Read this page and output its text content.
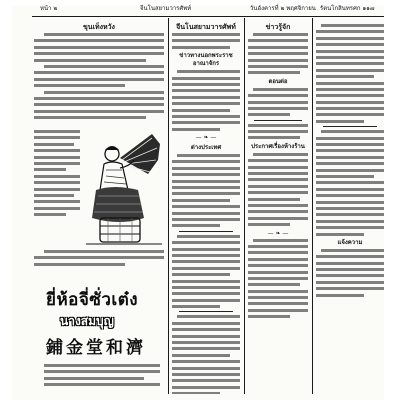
หน้า ๒	จีนโนสยามวารศัพท์	วันอังคารที่ ๒ พฤศจิกายน รัตนโกสินทรศก ๑๑๗
ขุนเท็งหวัง
ยี่ห้อจี่ซั่วเต๋ง
นางสมบุญ
鋪金堂和濟
จีนโนสยามวารศัพท์
ข่าวทางนอกพระราชอาณาจักร
— ❧ —
ต่างประเทศ
ข่าวรู้จัก
ตอนต่อ
ประกาศเรื่องห้างร้าน
— ❧ —
แจ้งความ
